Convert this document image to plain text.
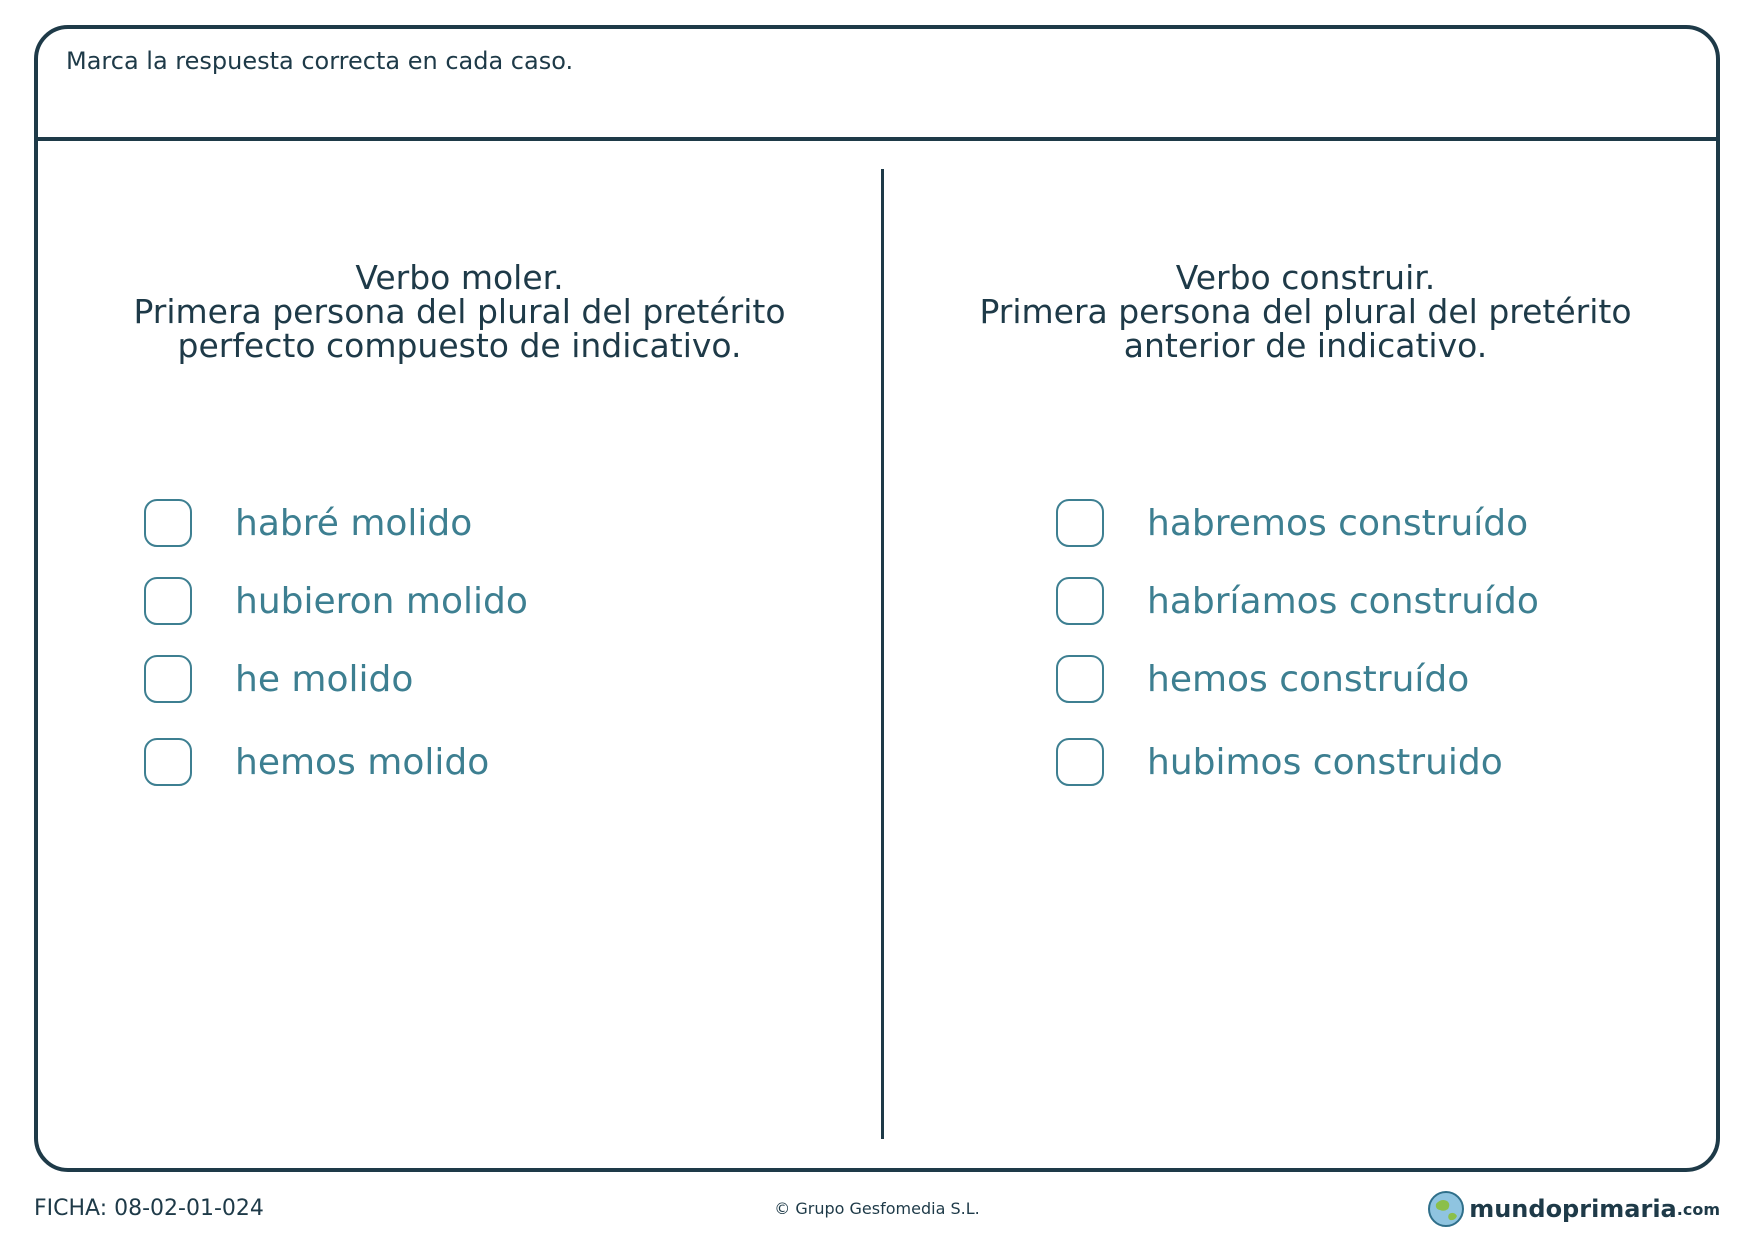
Marca la respuesta correcta en cada caso.
Verbo moler.
Primera persona del plural del pretérito
perfecto compuesto de indicativo.
habré molido
hubieron molido
he molido
hemos molido
Verbo construir.
Primera persona del plural del pretérito
anterior de indicativo.
habremos construído
habríamos construído
hemos construído
hubimos construido
FICHA: 08-02-01-024	© Grupo Gesfomedia S.L.	mundoprimaria .com
